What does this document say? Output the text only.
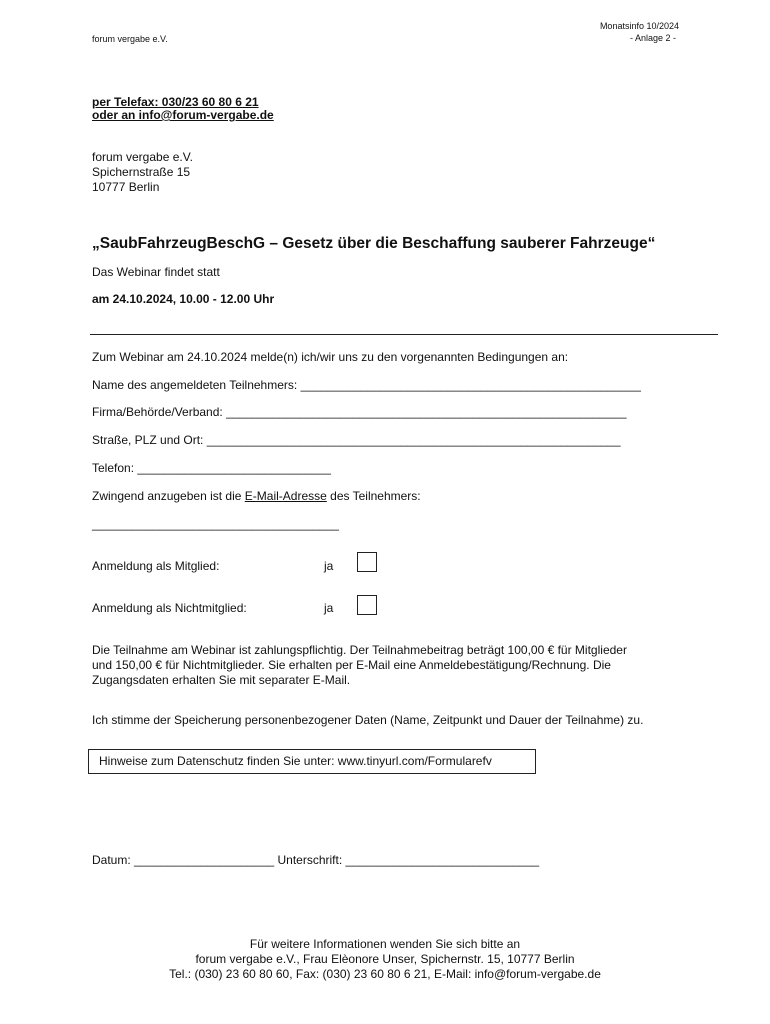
forum vergabe e.V.
Monatsinfo 10/2024
- Anlage 2 -
per Telefax: 030/23 60 80 6 21
oder an info@forum-vergabe.de
forum vergabe e.V.
Spichernstraße 15
10777 Berlin
„SaubFahrzeugBeschG – Gesetz über die Beschaffung sauberer Fahrzeuge“
Das Webinar findet statt
am 24.10.2024, 10.00 - 12.00 Uhr
Zum Webinar am 24.10.2024 melde(n) ich/wir uns zu den vorgenannten Bedingungen an:
Name des angemeldeten Teilnehmers: ___________________________________________________
Firma/Behörde/Verband: ____________________________________________________________
Straße, PLZ und Ort: ______________________________________________________________
Telefon: _____________________________
Zwingend anzugeben ist die E-Mail-Adresse des Teilnehmers:
_____________________________________
Anmeldung als Mitglied:	ja
Anmeldung als Nichtmitglied:	ja
Die Teilnahme am Webinar ist zahlungspflichtig. Der Teilnahmebeitrag beträgt 100,00 € für Mitglieder
und 150,00 € für Nichtmitglieder. Sie erhalten per E-Mail eine Anmeldebestätigung/Rechnung. Die
Zugangsdaten erhalten Sie mit separater E-Mail.
Ich stimme der Speicherung personenbezogener Daten (Name, Zeitpunkt und Dauer der Teilnahme) zu.
Hinweise zum Datenschutz finden Sie unter: www.tinyurl.com/Formularefv
Datum: _____________________ Unterschrift: _____________________________
Für weitere Informationen wenden Sie sich bitte an
forum vergabe e.V., Frau Elèonore Unser, Spichernstr. 15, 10777 Berlin
Tel.: (030) 23 60 80 60, Fax: (030) 23 60 80 6 21, E-Mail: info@forum-vergabe.de
